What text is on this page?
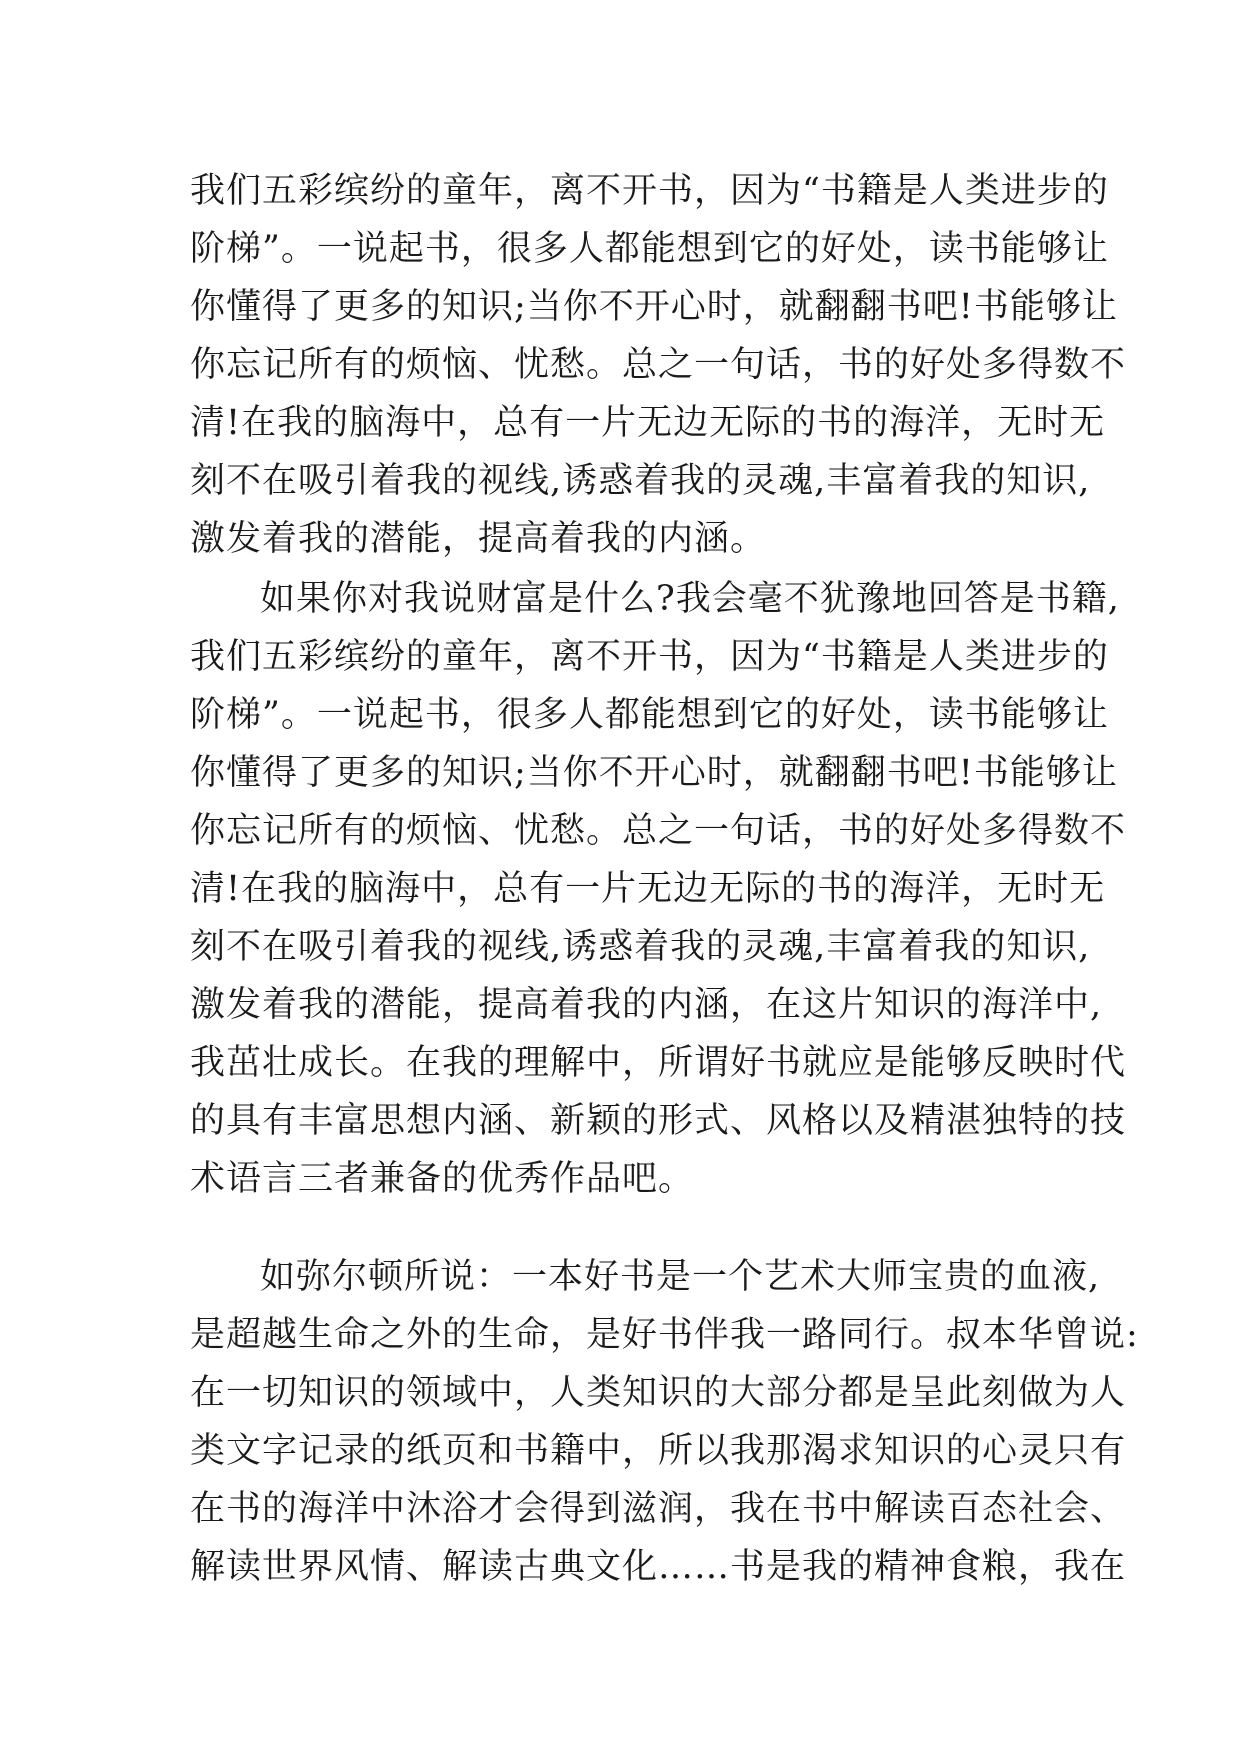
我们五彩缤纷的童年，离不开书，因为“书籍是人类进步的
阶梯”。一说起书，很多人都能想到它的好处，读书能够让
你懂得了更多的知识;当你不开心时，就翻翻书吧!书能够让
你忘记所有的烦恼、忧愁。总之一句话，书的好处多得数不
清!在我的脑海中，总有一片无边无际的书的海洋，无时无
刻不在吸引着我的视线,诱惑着我的灵魂,丰富着我的知识,
激发着我的潜能，提高着我的内涵。
如果你对我说财富是什么?我会毫不犹豫地回答是书籍,
我们五彩缤纷的童年，离不开书，因为“书籍是人类进步的
阶梯”。一说起书，很多人都能想到它的好处，读书能够让
你懂得了更多的知识;当你不开心时，就翻翻书吧!书能够让
你忘记所有的烦恼、忧愁。总之一句话，书的好处多得数不
清!在我的脑海中，总有一片无边无际的书的海洋，无时无
刻不在吸引着我的视线,诱惑着我的灵魂,丰富着我的知识,
激发着我的潜能，提高着我的内涵，在这片知识的海洋中,
我茁壮成长。在我的理解中，所谓好书就应是能够反映时代
的具有丰富思想内涵、新颖的形式、风格以及精湛独特的技
术语言三者兼备的优秀作品吧。
如弥尔顿所说：一本好书是一个艺术大师宝贵的血液,
是超越生命之外的生命，是好书伴我一路同行。叔本华曾说:
在一切知识的领域中，人类知识的大部分都是呈此刻做为人
类文字记录的纸页和书籍中，所以我那渴求知识的心灵只有
在书的海洋中沐浴才会得到滋润，我在书中解读百态社会、
解读世界风情、解读古典文化……书是我的精神食粮，我在
